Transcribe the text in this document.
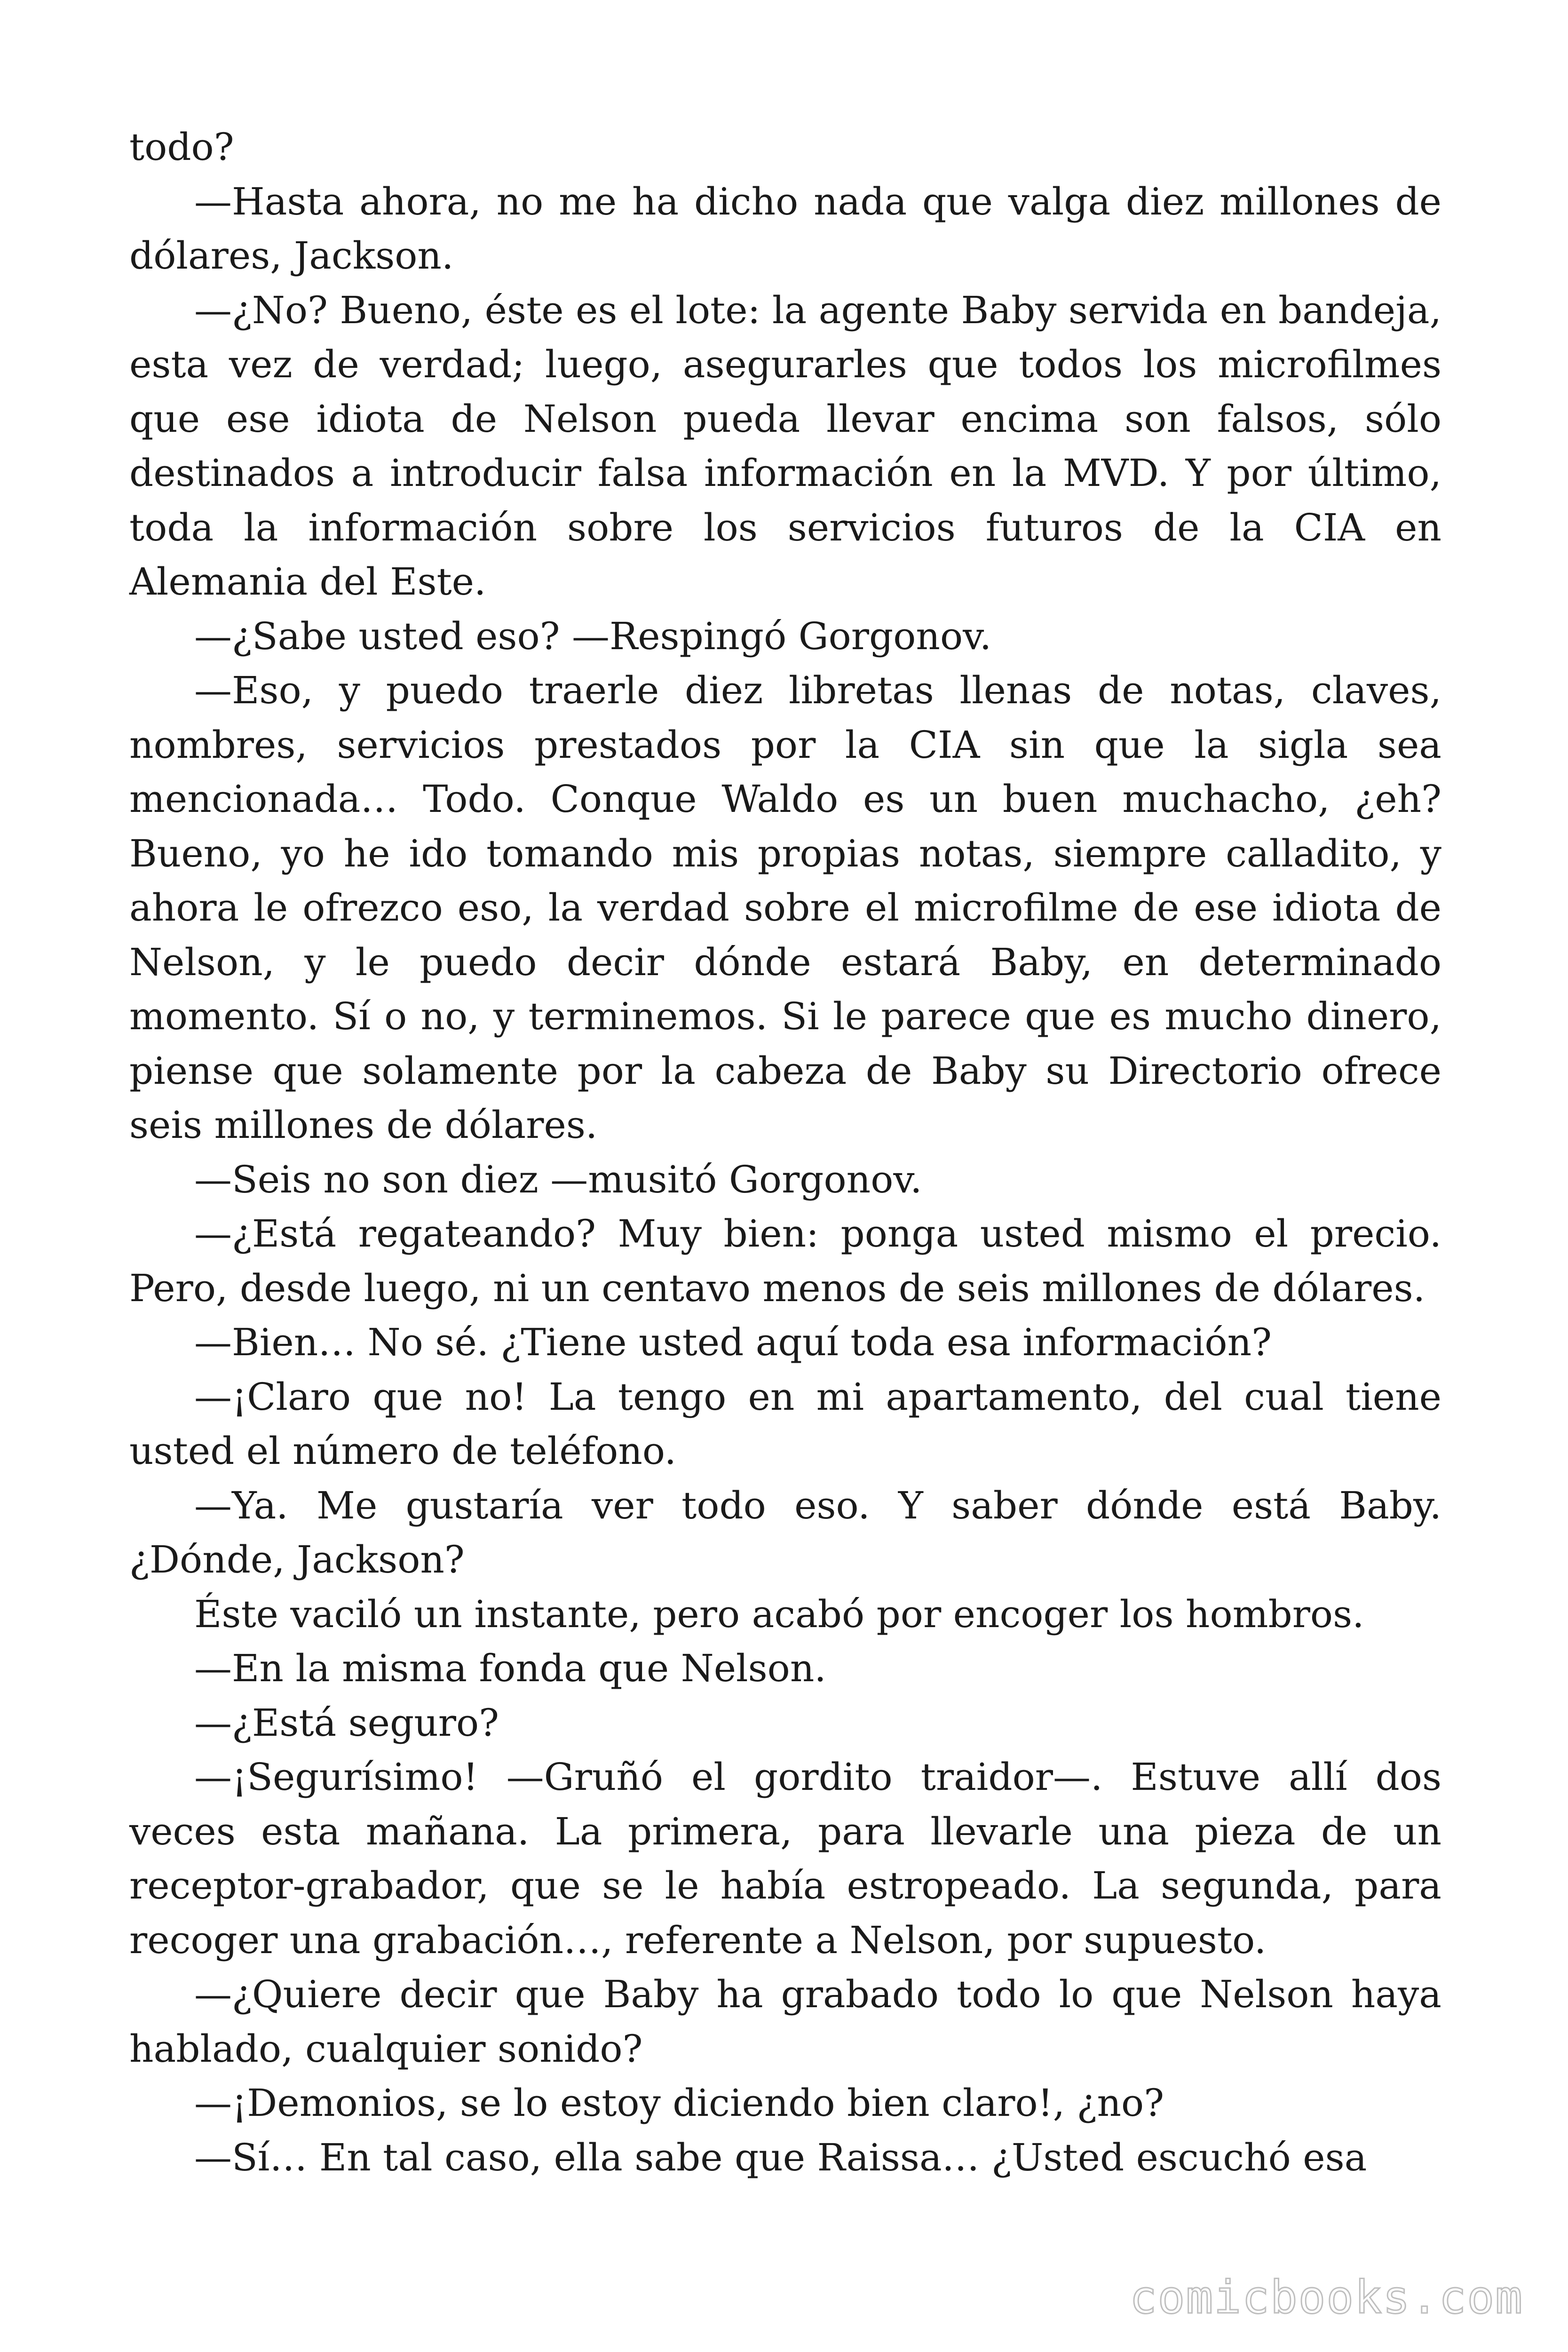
todo?

—Hasta ahora, no me ha dicho nada que valga diez millones de dólares, Jackson.

—¿No? Bueno, éste es el lote: la agente Baby servida en bandeja, esta vez de verdad; luego, asegurarles que todos los microfilmes que ese idiota de Nelson pueda llevar encima son falsos, sólo destinados a introducir falsa información en la MVD. Y por último, toda la información sobre los servicios futuros de la CIA en Alemania del Este.

—¿Sabe usted eso? —Respingó Gorgonov.

—Eso, y puedo traerle diez libretas llenas de notas, claves, nombres, servicios prestados por la CIA sin que la sigla sea mencionada… Todo. Conque Waldo es un buen muchacho, ¿eh? Bueno, yo he ido tomando mis propias notas, siempre calladito, y ahora le ofrezco eso, la verdad sobre el microfilme de ese idiota de Nelson, y le puedo decir dónde estará Baby, en determinado momento. Sí o no, y terminemos. Si le parece que es mucho dinero, piense que solamente por la cabeza de Baby su Directorio ofrece seis millones de dólares.

—Seis no son diez —musitó Gorgonov.

—¿Está regateando? Muy bien: ponga usted mismo el precio. Pero, desde luego, ni un centavo menos de seis millones de dólares.

—Bien… No sé. ¿Tiene usted aquí toda esa información?

—¡Claro que no! La tengo en mi apartamento, del cual tiene usted el número de teléfono.

—Ya. Me gustaría ver todo eso. Y saber dónde está Baby. ¿Dónde, Jackson?

Éste vaciló un instante, pero acabó por encoger los hombros.

—En la misma fonda que Nelson.

—¿Está seguro?

—¡Segurísimo! —Gruñó el gordito traidor—. Estuve allí dos veces esta mañana. La primera, para llevarle una pieza de un receptor-grabador, que se le había estropeado. La segunda, para recoger una grabación…, referente a Nelson, por supuesto.

—¿Quiere decir que Baby ha grabado todo lo que Nelson haya hablado, cualquier sonido?

—¡Demonios, se lo estoy diciendo bien claro!, ¿no?

—Sí… En tal caso, ella sabe que Raissa… ¿Usted escuchó esa

comicbooks.com
